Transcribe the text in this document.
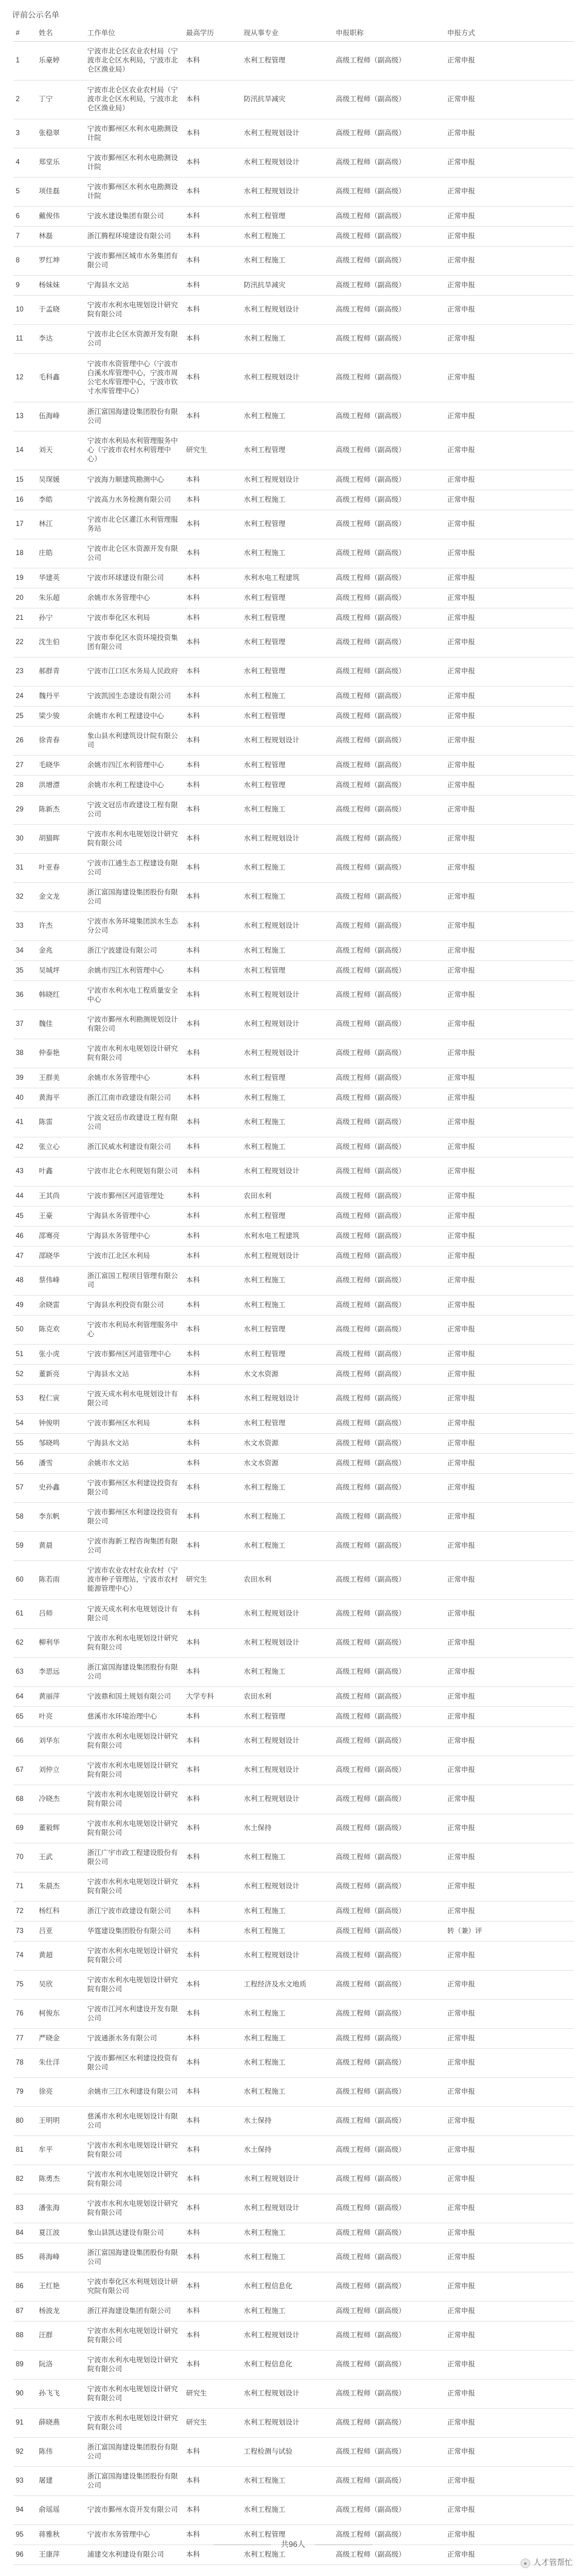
评前公示名单
#	姓名	工作单位	最高学历	现从事专业	申报职称	申报方式
1	乐豪婷	宁波市北仑区农业农村局（宁波市北仑区水利局，宁波市北仑区渔业局）	本科	水利工程管理	高级工程师（副高级）	正常申报
2	丁宁	宁波市北仑区农业农村局（宁波市北仑区水利局，宁波市北仑区渔业局）	本科	防汛抗旱减灾	高级工程师（副高级）	正常申报
3	张稳翠	宁波市鄞州区水利水电勘测设计院	本科	水利工程规划设计	高级工程师（副高级）	正常申报
4	郑堂乐	宁波市鄞州区水利水电勘测设计院	本科	水利工程规划设计	高级工程师（副高级）	正常申报
5	项佳磊	宁波市鄞州区水利水电勘测设计院	本科	水利工程规划设计	高级工程师（副高级）	正常申报
6	戴俊伟	宁波水建设集团有限公司	本科	水利工程管理	高级工程师（副高级）	正常申报
7	林磊	浙江腾程环境建设有限公司	本科	水利工程施工	高级工程师（副高级）	正常申报
8	罗红坤	宁波市鄞州区城市水务集团有限公司	本科	水利工程施工	高级工程师（副高级）	正常申报
9	杨妹妹	宁海县水文站	本科	防汛抗旱减灾	高级工程师（副高级）	正常申报
10	于孟晓	宁波市水利水电规划设计研究院有限公司	本科	水利工程规划设计	高级工程师（副高级）	正常申报
11	李达	宁波市北仑区水资源开发有限公司	本科	水利工程施工	高级工程师（副高级）	正常申报
12	毛科鑫	宁波市水资管理中心（宁波市白溪水库管理中心，宁波市周公宅水库管理中心，宁波市钦寸水库管理中心）	本科	水利工程规划设计	高级工程师（副高级）	正常申报
13	伍海峰	浙江富国海建设集团股份有限公司	本科	水利工程施工	高级工程师（副高级）	正常申报
14	刘天	宁波市水利局水利管理服务中心（宁波市农村水利管理中心）	研究生	水利工程管理	高级工程师（副高级）	正常申报
15	吴琛媛	宁波海力顺建筑勘测中心	本科	水利工程规划设计	高级工程师（副高级）	正常申报
16	李皓	宁波高力水务检测有限公司	本科	水利工程施工	高级工程师（副高级）	正常申报
17	林江	宁波市北仑区灌江水利管理服务站	本科	水利工程管理	高级工程师（副高级）	正常申报
18	庄皓	宁波市北仑区水资源开发有限公司	本科	水利工程施工	高级工程师（副高级）	正常申报
19	华建英	宁波市环球建设有限公司	本科	水利水电工程建筑	高级工程师（副高级）	正常申报
20	朱乐超	余姚市水务管理中心	本科	水利工程管理	高级工程师（副高级）	正常申报
21	孙宁	宁波市奉化区水利局	本科	水利工程管理	高级工程师（副高级）	正常申报
22	沈生伯	宁波市奉化区水资环境投资集团有限公司	本科	水利工程管理	高级工程师（副高级）	正常申报
23	郝群青	宁波市江口区水务局人民政府	本科	水利工程管理	高级工程师（副高级）	正常申报
24	魏丹平	宁波凯园生态建设有限公司	本科	水利工程施工	高级工程师（副高级）	正常申报
25	梁少骏	余姚市水利工程建设中心	本科	水利工程管理	高级工程师（副高级）	正常申报
26	徐青春	象山县水利建筑设计院有限公司	本科	水利工程规划设计	高级工程师（副高级）	正常申报
27	毛晓华	余姚市四江水利管理中心	本科	水利工程管理	高级工程师（副高级）	正常申报
28	洪增漂	余姚市水利工程建设中心	本科	水利工程管理	高级工程师（副高级）	正常申报
29	陈新杰	宁波文冠岳市政建设工程有限公司	本科	水利工程施工	高级工程师（副高级）	正常申报
30	胡猫晖	宁波市水利水电规划设计研究院有限公司	本科	水利工程规划设计	高级工程师（副高级）	正常申报
31	叶亚春	宁波市江通生态工程建设有限公司	本科	水利工程施工	高级工程师（副高级）	正常申报
32	金文龙	浙江富国海建设集团股份有限公司	本科	水利工程施工	高级工程师（副高级）	正常申报
33	许杰	宁波市水务环境集团滨水生态分公司	本科	水利工程规划设计	高级工程师（副高级）	正常申报
34	金兆	浙江宁波建设有限公司	本科	水利工程施工	高级工程师（副高级）	正常申报
35	吴城坪	余姚市四江水利管理中心	本科	水利工程管理	高级工程师（副高级）	正常申报
36	韩晓红	宁波市水利水电工程质量安全中心	本科	水利工程规划设计	高级工程师（副高级）	正常申报
37	魏佳	宁波市鄞州水利勘测规划设计有限公司	本科	水利工程规划设计	高级工程师（副高级）	正常申报
38	仲泰艳	宁波市水利水电规划设计研究院有限公司	本科	水利工程规划设计	高级工程师（副高级）	正常申报
39	王群美	余姚市水务管理中心	本科	水利工程管理	高级工程师（副高级）	正常申报
40	黄海平	浙江江南市政建设有限公司	本科	水利工程施工	高级工程师（副高级）	正常申报
41	陈雷	宁波文冠岳市政建设工程有限公司	本科	水利工程施工	高级工程师（副高级）	正常申报
42	张立心	浙江民威水利建设有限公司	本科	水利工程施工	高级工程师（副高级）	正常申报
43	叶鑫	宁波市北仑水利规划有限公司	本科	水利工程规划设计	高级工程师（副高级）	正常申报
44	王其尚	宁波市鄞州区河道管理处	本科	农田水利	高级工程师（副高级）	正常申报
45	王豪	宁海县水务管理中心	本科	水利工程管理	高级工程师（副高级）	正常申报
46	邵骞亮	宁海县水务管理中心	本科	水利水电工程建筑	高级工程师（副高级）	正常申报
47	邵晓华	宁波市江北区水利局	本科	水利工程规划设计	高级工程师（副高级）	正常申报
48	蔡伟峰	浙江富国工程项目管理有限公司	本科	水利工程施工	高级工程师（副高级）	正常申报
49	余晓雷	宁海县水利投资有限公司	本科	水利工程施工	高级工程师（副高级）	正常申报
50	陈克欢	宁波市水利局水利管理服务中心	本科	水利工程管理	高级工程师（副高级）	正常申报
51	张小虎	宁波市鄞州区河道管理中心	本科	水利工程管理	高级工程师（副高级）	正常申报
52	董新亮	宁海县水文站	本科	水文水资源	高级工程师（副高级）	正常申报
53	程仁寅	宁波天成水利水电规划设计有限公司	本科	水利工程规划设计	高级工程师（副高级）	正常申报
54	钟俊明	宁波市鄞州区水利局	本科	水利工程管理	高级工程师（副高级）	正常申报
55	邹晓鸣	宁海县水文站	本科	水文水资源	高级工程师（副高级）	正常申报
56	潘雪	余姚市水文站	本科	水文水资源	高级工程师（副高级）	正常申报
57	史孙鑫	宁波市鄞州区水利建设投资有限公司	本科	水利工程施工	高级工程师（副高级）	正常申报
58	李东帆	宁波市鄞州区水利建设投资有限公司	本科	水利工程施工	高级工程师（副高级）	正常申报
59	黄晨	宁波市海新工程咨询集团有限公司	本科	水利工程施工	高级工程师（副高级）	正常申报
60	陈若雨	宁波市农业农村农业农村（宁波市种子管理站，宁波市农村能源管理中心）	研究生	农田水利	高级工程师（副高级）	正常申报
61	吕师	宁波天成水利水电规划设计有限公司	本科	水利工程规划设计	高级工程师（副高级）	正常申报
62	柳利华	宁波市水利水电规划设计研究院有限公司	本科	水利工程规划设计	高级工程师（副高级）	正常申报
63	李思远	浙江富国海建设集团股份有限公司	本科	水利工程施工	高级工程师（副高级）	正常申报
64	黄丽萍	宁波鼎和国土规划有限公司	大学专科	农田水利	高级工程师（副高级）	正常申报
65	叶亮	慈溪市水环境治理中心	本科	水利工程管理	高级工程师（副高级）	正常申报
66	刘华东	宁波市水利水电规划设计研究院有限公司	本科	水利工程规划设计	高级工程师（副高级）	正常申报
67	刘仲立	宁波市水利水电规划设计研究院有限公司	本科	水利工程规划设计	高级工程师（副高级）	正常申报
68	冷晓杰	宁波市水利水电规划设计研究院有限公司	本科	水利工程规划设计	高级工程师（副高级）	正常申报
69	董毅辉	宁波市水利水电规划设计研究院有限公司	本科	水土保持	高级工程师（副高级）	正常申报
70	王武	浙江广宇市政工程建设股份有限公司	本科	水利工程施工	高级工程师（副高级）	正常申报
71	朱晨杰	宁波市水利水电规划设计研究院有限公司	本科	水利工程规划设计	高级工程师（副高级）	正常申报
72	杨红科	浙江宁波市政建设有限公司	本科	水利工程施工	高级工程师（副高级）	正常申报
73	吕亚	华霆建设集团股份有限公司	本科	水利工程施工	高级工程师（副高级）	转（兼）评
74	黄超	宁波市水利水电规划设计研究院有限公司	本科	水利工程规划设计	高级工程师（副高级）	正常申报
75	吴欣	宁波市水利水电规划设计研究院有限公司	本科	工程经济及水文地质	高级工程师（副高级）	正常申报
76	柯俊东	宁波市江河水利建设开发有限公司	本科	水利工程施工	高级工程师（副高级）	正常申报
77	严晓金	宁波通浙水务有限公司	本科	水利工程施工	高级工程师（副高级）	正常申报
78	朱仕洋	宁波市鄞州区水利建设投资有限公司	本科	水利工程施工	高级工程师（副高级）	正常申报
79	徐亮	余姚市三江水利建设有限公司	本科	水利工程施工	高级工程师（副高级）	正常申报
80	王明明	慈溪市水利水电规划设计有限公司	本科	水土保持	高级工程师（副高级）	正常申报
81	牟平	宁波市水利水电规划设计研究院有限公司	本科	水土保持	高级工程师（副高级）	正常申报
82	陈勇杰	宁波市水利水电规划设计研究院有限公司	本科	水利工程规划设计	高级工程师（副高级）	正常申报
83	潘张海	宁波市水利水电规划设计研究院有限公司	本科	水利工程规划设计	高级工程师（副高级）	正常申报
84	夏江波	象山县凯达建设有限公司	本科	水利工程施工	高级工程师（副高级）	正常申报
85	蒋海峰	浙江富国海建设集团股份有限公司	本科	水利工程施工	高级工程师（副高级）	正常申报
86	王红艳	宁波市奉化区水利规划设计研究院有限公司	本科	水利工程信息化	高级工程师（副高级）	正常申报
87	杨波龙	浙江祥海建设集团有限公司	本科	水利工程施工	高级工程师（副高级）	正常申报
88	汪群	宁波市水利水电规划设计研究院有限公司	本科	水利工程规划设计	高级工程师（副高级）	正常申报
89	阮洛	宁波市水利水电规划设计研究院有限公司	本科	水利工程信息化	高级工程师（副高级）	正常申报
90	孙飞飞	宁波市水利水电规划设计研究院有限公司	研究生	水利工程规划设计	高级工程师（副高级）	正常申报
91	薛晓燕	宁波市水利水电规划设计研究院有限公司	研究生	水利工程规划设计	高级工程师（副高级）	正常申报
92	陈伟	浙江富国海建设集团股份有限公司	本科	工程检测与试验	高级工程师（副高级）	正常申报
93	屠建	浙江富国海建设集团股份有限公司	本科	水利工程施工	高级工程师（副高级）	正常申报
94	俞瑶瑶	宁波市鄞州水资开发有限公司	本科	水利工程施工	高级工程师（副高级）	正常申报
95	蒋雅秋	宁波市水务管理中心	本科	水利工程管理	高级工程师（副高级）	正常申报
96	王康萍	浦建交水利建设有限公司	本科	水利工程施工	高级工程师（副高级）	正常申报
共96人
● 人才管帮忙
